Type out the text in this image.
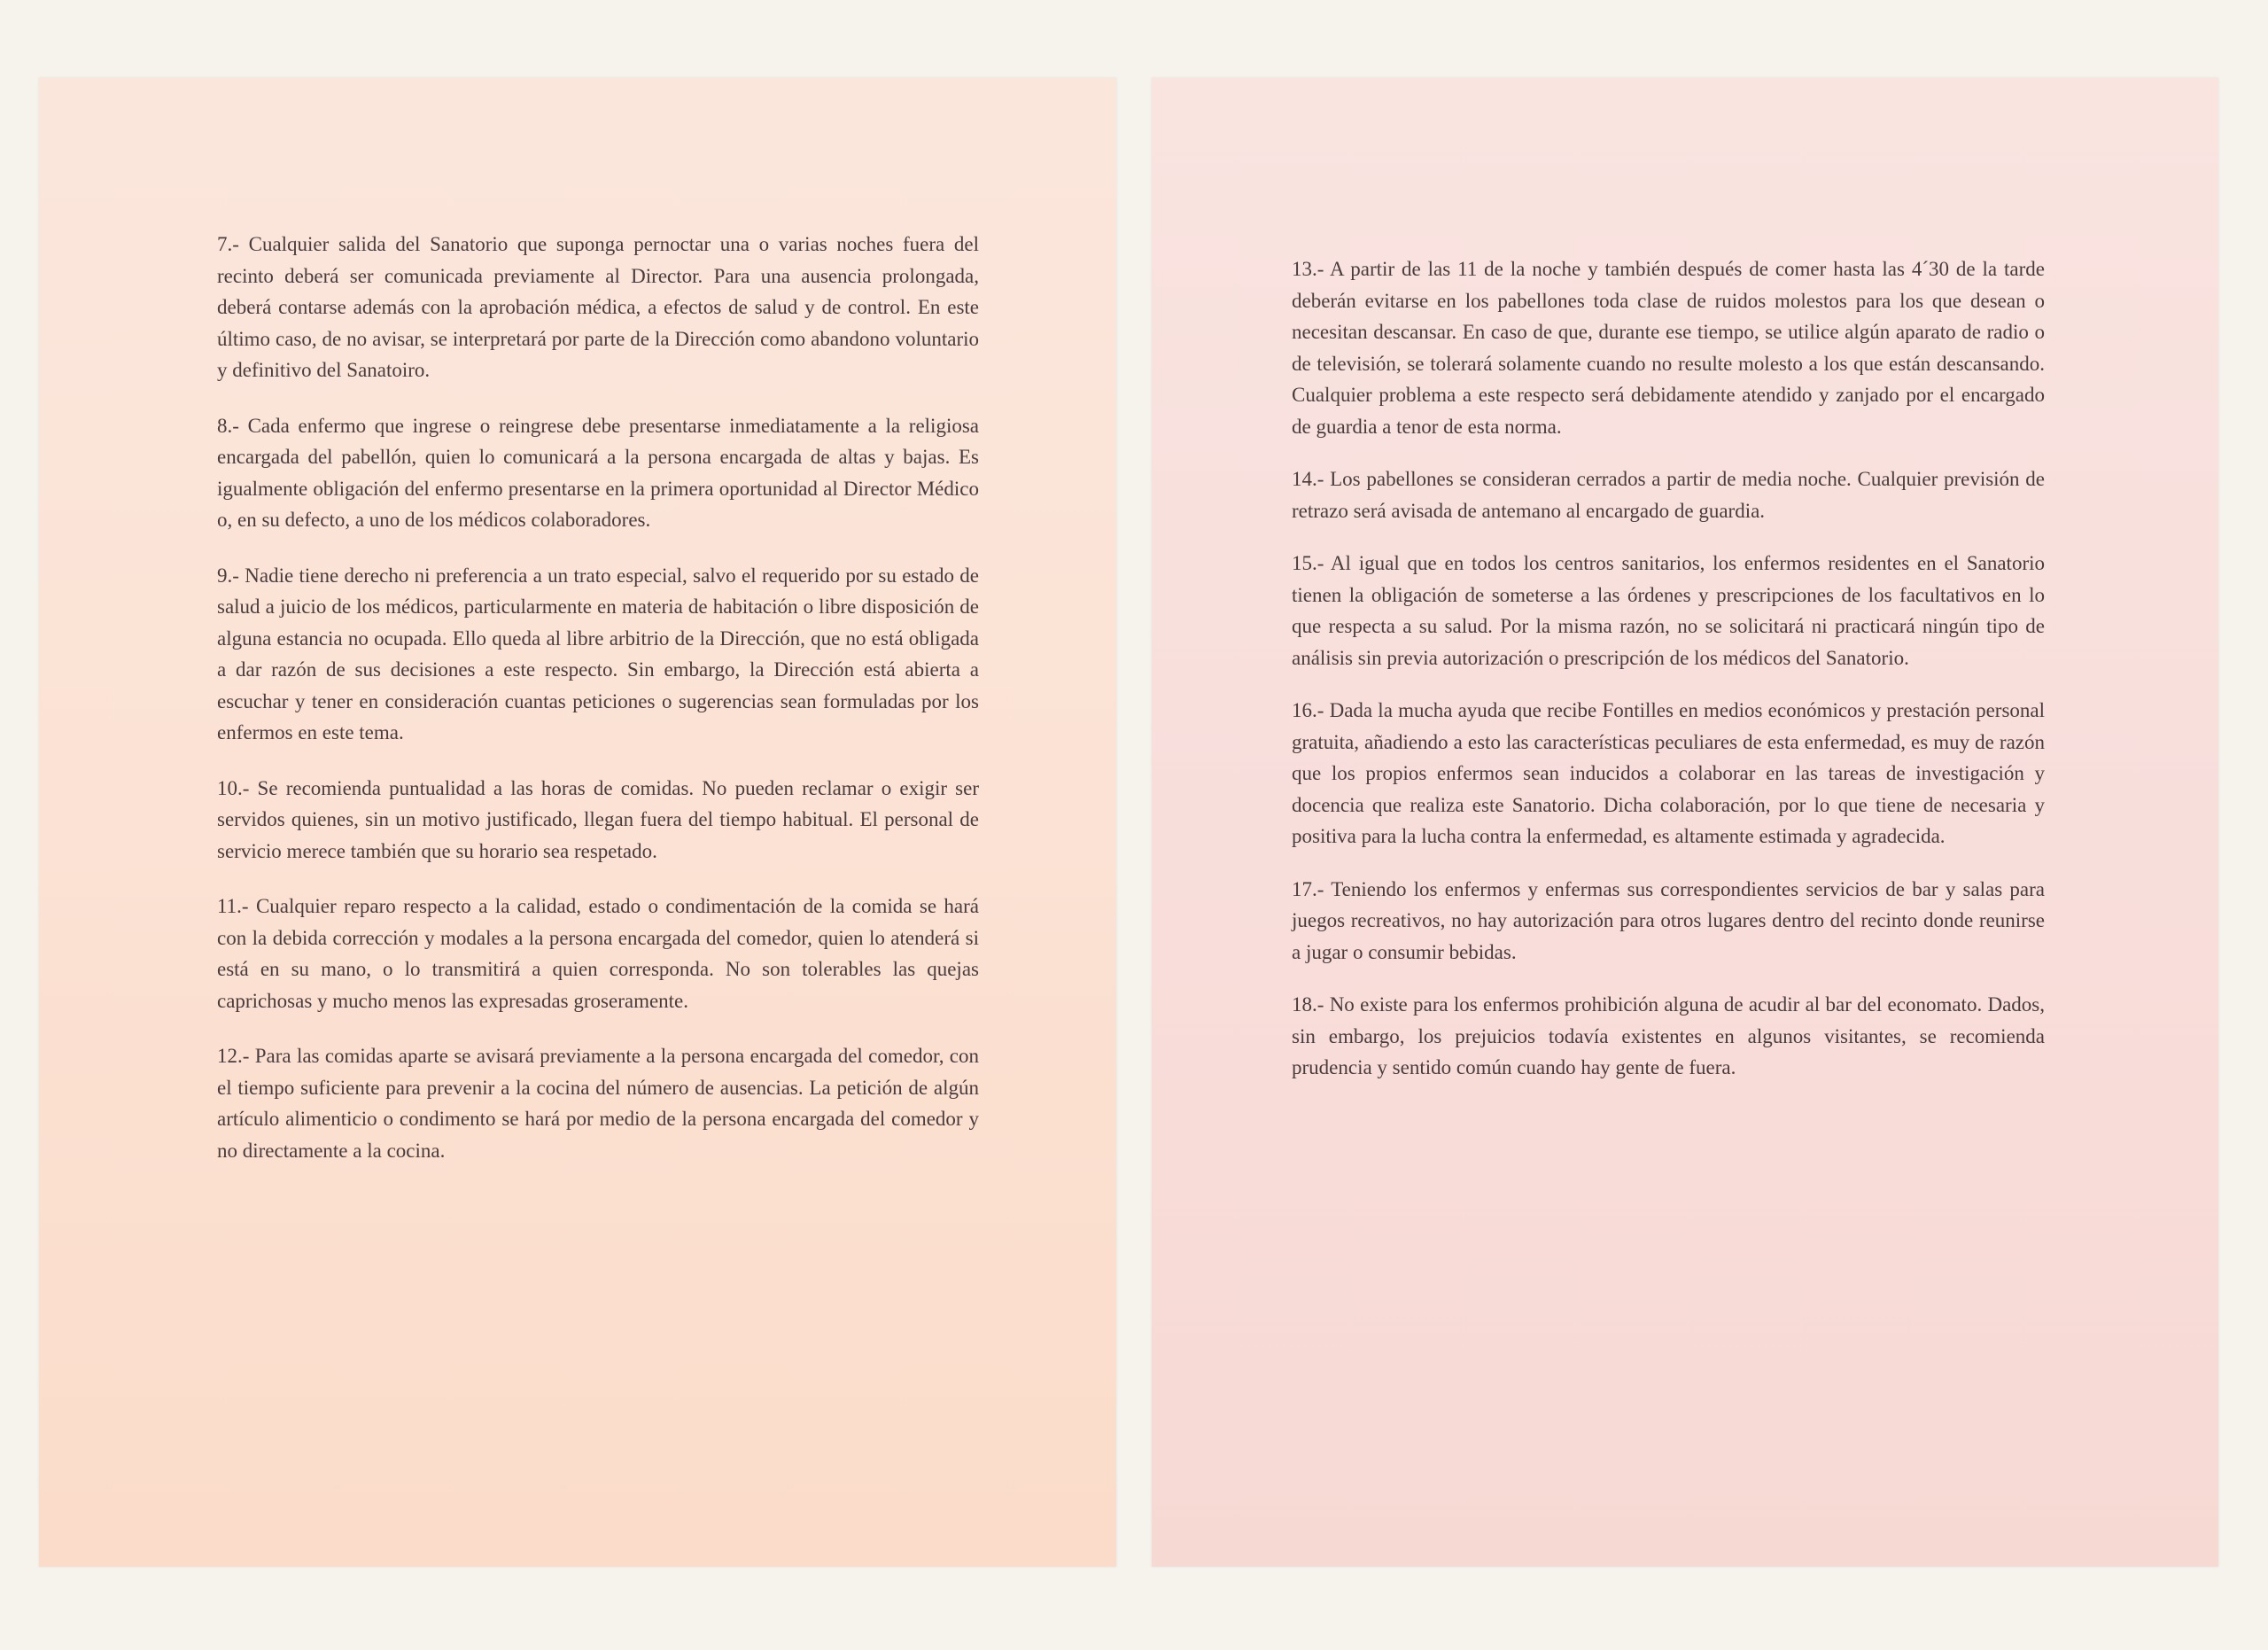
7.- Cualquier salida del Sanatorio que suponga pernoctar una o varias noches fuera del recinto deberá ser comunicada previamente al Director. Para una ausencia prolongada, deberá contarse además con la aprobación médica, a efectos de salud y de control. En este último caso, de no avisar, se interpretará por parte de la Dirección como abandono voluntario y definitivo del Sanatoiro.

8.- Cada enfermo que ingrese o reingrese debe presentarse inmediatamente a la religiosa encargada del pabellón, quien lo comunicará a la persona encargada de altas y bajas. Es igualmente obligación del enfermo presentarse en la primera oportunidad al Director Médico o, en su defecto, a uno de los médicos colaboradores.

9.- Nadie tiene derecho ni preferencia a un trato especial, salvo el requerido por su estado de salud a juicio de los médicos, particularmente en materia de habitación o libre disposición de alguna estancia no ocupada. Ello queda al libre arbitrio de la Dirección, que no está obligada a dar razón de sus decisiones a este respecto. Sin embargo, la Dirección está abierta a escuchar y tener en consideración cuantas peticiones o sugerencias sean formuladas por los enfermos en este tema.

10.- Se recomienda puntualidad a las horas de comidas. No pueden reclamar o exigir ser servidos quienes, sin un motivo justificado, llegan fuera del tiempo habitual. El personal de servicio merece también que su horario sea respetado.

11.- Cualquier reparo respecto a la calidad, estado o condimentación de la comida se hará con la debida corrección y modales a la persona encargada del comedor, quien lo atenderá si está en su mano, o lo transmitirá a quien corresponda. No son tolerables las quejas caprichosas y mucho menos las expresadas groseramente.

12.- Para las comidas aparte se avisará previamente a la persona encargada del comedor, con el tiempo suficiente para prevenir a la cocina del número de ausencias. La petición de algún artículo alimenticio o condimento se hará por medio de la persona encargada del comedor y no directamente a la cocina.

13.- A partir de las 11 de la noche y también después de comer hasta las 4´30 de la tarde deberán evitarse en los pabellones toda clase de ruidos molestos para los que desean o necesitan descansar. En caso de que, durante ese tiempo, se utilice algún aparato de radio o de televisión, se tolerará solamente cuando no resulte molesto a los que están descansando. Cualquier problema a este respecto será debidamente atendido y zanjado por el encargado de guardia a tenor de esta norma.

14.- Los pabellones se consideran cerrados a partir de media noche. Cualquier previsión de retrazo será avisada de antemano al encargado de guardia.

15.- Al igual que en todos los centros sanitarios, los enfermos residentes en el Sanatorio tienen la obligación de someterse a las órdenes y prescripciones de los facultativos en lo que respecta a su salud. Por la misma razón, no se solicitará ni practicará ningún tipo de análisis sin previa autorización o prescripción de los médicos del Sanatorio.

16.- Dada la mucha ayuda que recibe Fontilles en medios económicos y prestación personal gratuita, añadiendo a esto las características peculiares de esta enfermedad, es muy de razón que los propios enfermos sean inducidos a colaborar en las tareas de investigación y docencia que realiza este Sanatorio. Dicha colaboración, por lo que tiene de necesaria y positiva para la lucha contra la enfermedad, es altamente estimada y agradecida.

17.- Teniendo los enfermos y enfermas sus correspondientes servicios de bar y salas para juegos recreativos, no hay autorización para otros lugares dentro del recinto donde reunirse a jugar o consumir bebidas.

18.- No existe para los enfermos prohibición alguna de acudir al bar del economato. Dados, sin embargo, los prejuicios todavía existentes en algunos visitantes, se recomienda prudencia y sentido común cuando hay gente de fuera.
